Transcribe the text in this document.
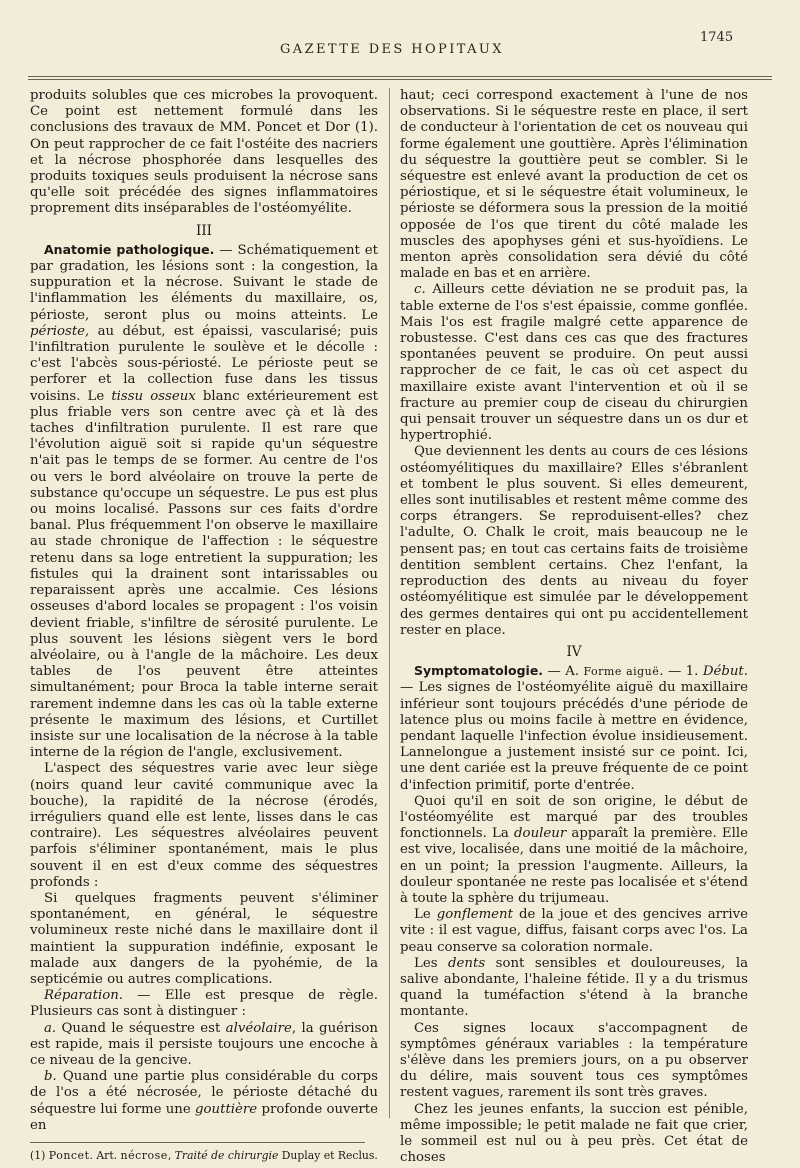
GAZETTE DES HOPITAUX
1745

produits solubles que ces microbes la provoquent. Ce point est nettement formulé dans les conclusions des travaux de MM. Poncet et Dor (1). On peut rapprocher de ce fait l'ostéite des nacriers et la nécrose phosphorée dans lesquelles des produits toxiques seuls produisent la nécrose sans qu'elle soit précédée des signes inflammatoires proprement dits inséparables de l'ostéomyélite.

III

Anatomie pathologique. — Schématiquement et par gradation, les lésions sont : la congestion, la suppuration et la nécrose. Suivant le stade de l'inflammation les éléments du maxillaire, os, périoste, seront plus ou moins atteints. Le périoste, au début, est épaissi, vascularisé; puis l'infiltration purulente le soulève et le décolle : c'est l'abcès sous-périosté. Le périoste peut se perforer et la collection fuse dans les tissus voisins. Le tissu osseux blanc extérieurement est plus friable vers son centre avec çà et là des taches d'infiltration purulente. Il est rare que l'évolution aiguë soit si rapide qu'un séquestre n'ait pas le temps de se former. Au centre de l'os ou vers le bord alvéolaire on trouve la perte de substance qu'occupe un séquestre. Le pus est plus ou moins localisé. Passons sur ces faits d'ordre banal. Plus fréquemment l'on observe le maxillaire au stade chronique de l'affection : le séquestre retenu dans sa loge entretient la suppuration; les fistules qui la drainent sont intarissables ou reparaissent après une accalmie. Ces lésions osseuses d'abord locales se propagent : l'os voisin devient friable, s'infiltre de sérosité purulente. Le plus souvent les lésions siègent vers le bord alvéolaire, ou à l'angle de la mâchoire. Les deux tables de l'os peuvent être atteintes simultanément; pour Broca la table interne serait rarement indemne dans les cas où la table externe présente le maximum des lésions, et Curtillet insiste sur une localisation de la nécrose à la table interne de la région de l'angle, exclusivement.

L'aspect des séquestres varie avec leur siège (noirs quand leur cavité communique avec la bouche), la rapidité de la nécrose (érodés, irréguliers quand elle est lente, lisses dans le cas contraire). Les séquestres alvéolaires peuvent parfois s'éliminer spontanément, mais le plus souvent il en est d'eux comme des séquestres profonds :

Si quelques fragments peuvent s'éliminer spontanément, en général, le séquestre volumineux reste niché dans le maxillaire dont il maintient la suppuration indéfinie, exposant le malade aux dangers de la pyohémie, de la septicémie ou autres complications.

Réparation. — Elle est presque de règle. Plusieurs cas sont à distinguer :

a. Quand le séquestre est alvéolaire, la guérison est rapide, mais il persiste toujours une encoche à ce niveau de la gencive.

b. Quand une partie plus considérable du corps de l'os a été nécrosée, le périoste détaché du séquestre lui forme une gouttière profonde ouverte en

(1) Poncet. Art. nécrose, Traité de chirurgie Duplay et Reclus.

haut; ceci correspond exactement à l'une de nos observations. Si le séquestre reste en place, il sert de conducteur à l'orientation de cet os nouveau qui forme également une gouttière. Après l'élimination du séquestre la gouttière peut se combler. Si le séquestre est enlevé avant la production de cet os périostique, et si le séquestre était volumineux, le périoste se déformera sous la pression de la moitié opposée de l'os que tirent du côté malade les muscles des apophyses géni et sus-hyoïdiens. Le menton après consolidation sera dévié du côté malade en bas et en arrière.

c. Ailleurs cette déviation ne se produit pas, la table externe de l'os s'est épaissie, comme gonflée. Mais l'os est fragile malgré cette apparence de robustesse. C'est dans ces cas que des fractures spontanées peuvent se produire. On peut aussi rapprocher de ce fait, le cas où cet aspect du maxillaire existe avant l'intervention et où il se fracture au premier coup de ciseau du chirurgien qui pensait trouver un séquestre dans un os dur et hypertrophié.

Que deviennent les dents au cours de ces lésions ostéomyélitiques du maxillaire? Elles s'ébranlent et tombent le plus souvent. Si elles demeurent, elles sont inutilisables et restent même comme des corps étrangers. Se reproduisent-elles? chez l'adulte, O. Chalk le croit, mais beaucoup ne le pensent pas; en tout cas certains faits de troisième dentition semblent certains. Chez l'enfant, la reproduction des dents au niveau du foyer ostéomyélitique est simulée par le développement des germes dentaires qui ont pu accidentellement rester en place.

IV

Symptomatologie. — A. Forme aiguë. — 1. Début. — Les signes de l'ostéomyélite aiguë du maxillaire inférieur sont toujours précédés d'une période de latence plus ou moins facile à mettre en évidence, pendant laquelle l'infection évolue insidieusement. Lannelongue a justement insisté sur ce point. Ici, une dent cariée est la preuve fréquente de ce point d'infection primitif, porte d'entrée.

Quoi qu'il en soit de son origine, le début de l'ostéomyélite est marqué par des troubles fonctionnels. La douleur apparaît la première. Elle est vive, localisée, dans une moitié de la mâchoire, en un point; la pression l'augmente. Ailleurs, la douleur spontanée ne reste pas localisée et s'étend à toute la sphère du trijumeau.

Le gonflement de la joue et des gencives arrive vite : il est vague, diffus, faisant corps avec l'os. La peau conserve sa coloration normale.

Les dents sont sensibles et douloureuses, la salive abondante, l'haleine fétide. Il y a du trismus quand la tuméfaction s'étend à la branche montante.

Ces signes locaux s'accompagnent de symptômes généraux variables : la température s'élève dans les premiers jours, on a pu observer du délire, mais souvent tous ces symptômes restent vagues, rarement ils sont très graves.

Chez les jeunes enfants, la succion est pénible, même impossible; le petit malade ne fait que crier, le sommeil est nul ou à peu près. Cet état de choses
